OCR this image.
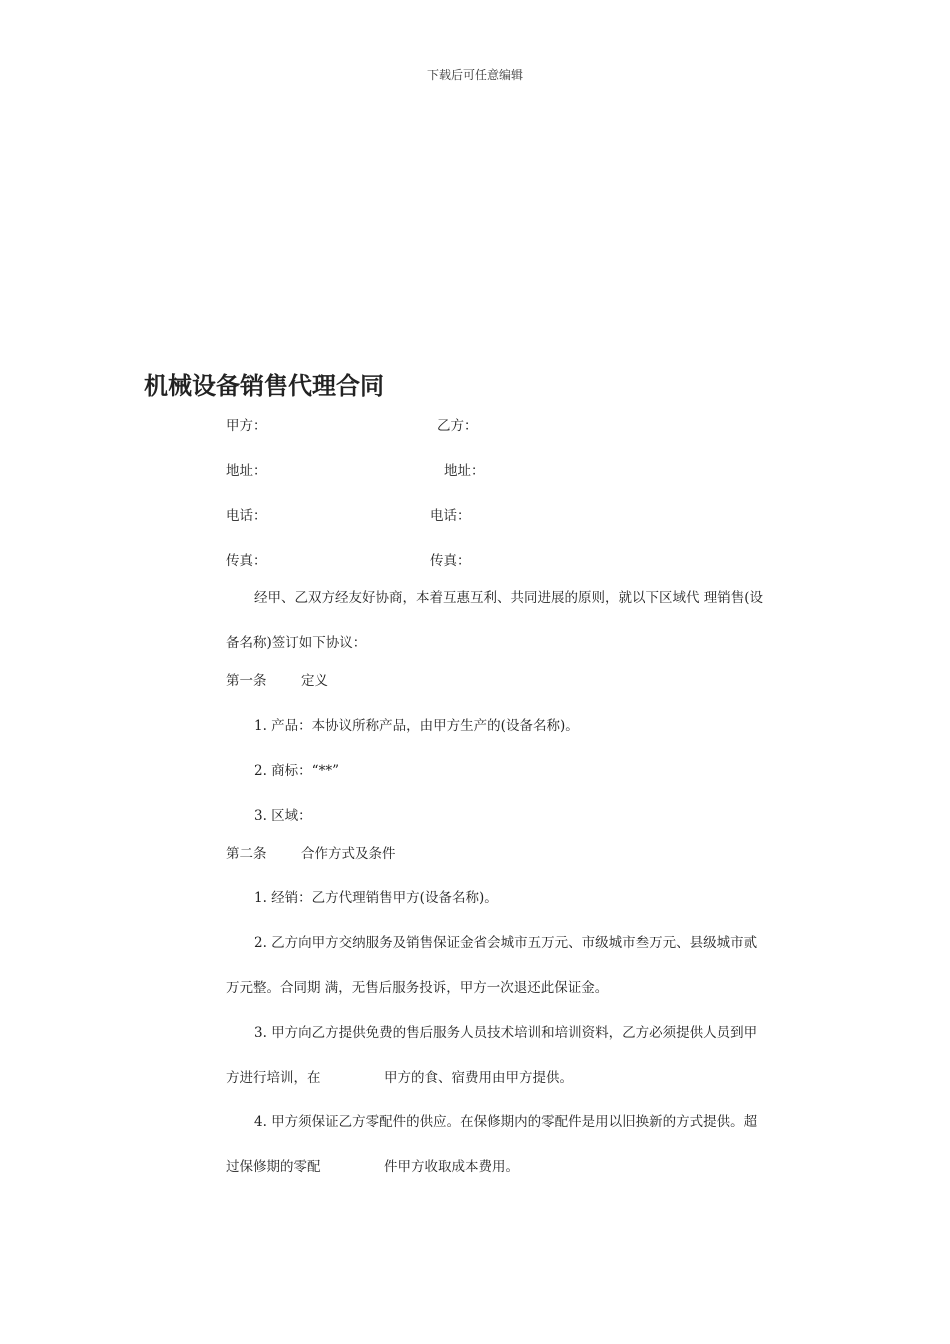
下载后可任意编辑
机械设备销售代理合同
甲方：	乙方：
地址：	地址：
电话：	电话：
传真：	传真：
经甲、乙双方经友好协商，本着互惠互利、共同进展的原则，就以下区域代 理销售(设
备名称)签订如下协议：
第一条	定义
1. 产品：本协议所称产品，由甲方生产的(设备名称)。
2. 商标：“**”
3. 区域：
第二条	合作方式及条件
1. 经销：乙方代理销售甲方(设备名称)。
2. 乙方向甲方交纳服务及销售保证金省会城市五万元、市级城市叁万元、县级城市贰
万元整。合同期 满，无售后服务投诉，甲方一次退还此保证金。
3. 甲方向乙方提供免费的售后服务人员技术培训和培训资料，乙方必须提供人员到甲
方进行培训，在	甲方的食、宿费用由甲方提供。
4. 甲方须保证乙方零配件的供应。在保修期内的零配件是用以旧换新的方式提供。超
过保修期的零配	件甲方收取成本费用。
